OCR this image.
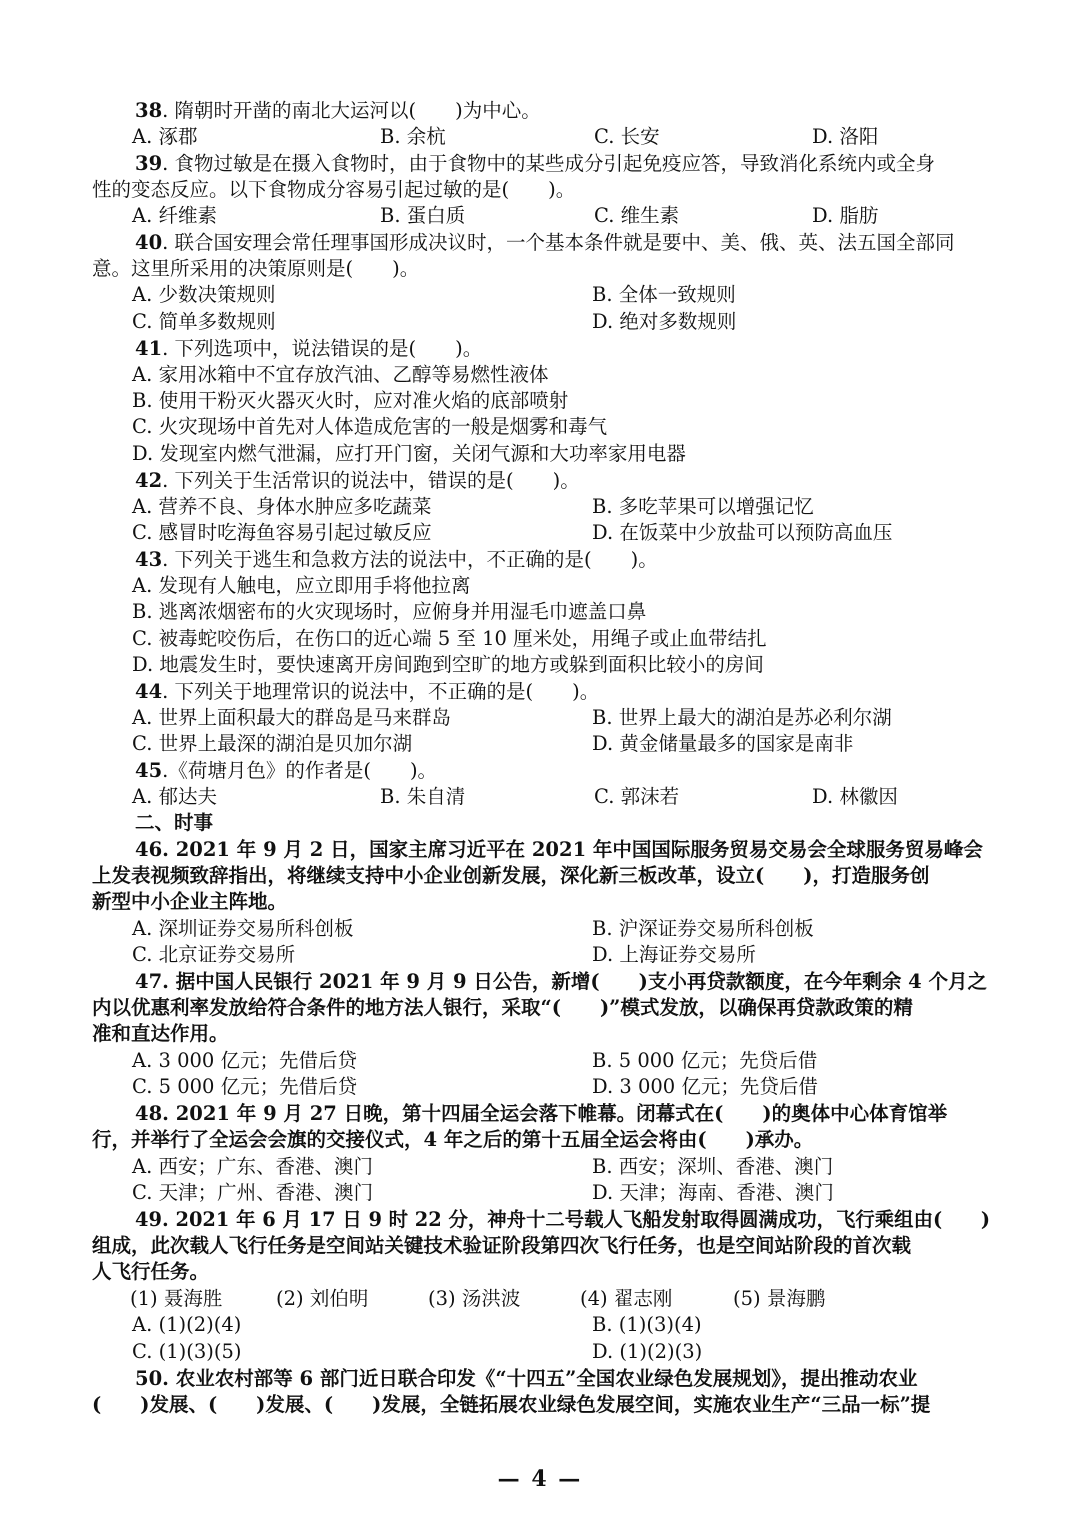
38. 隋朝时开凿的南北大运河以(　　)为中心。
A. 涿郡	B. 余杭	C. 长安	D. 洛阳
39. 食物过敏是在摄入食物时，由于食物中的某些成分引起免疫应答，导致消化系统内或全身
性的变态反应。以下食物成分容易引起过敏的是(　　)。
A. 纤维素	B. 蛋白质	C. 维生素	D. 脂肪
40. 联合国安理会常任理事国形成决议时，一个基本条件就是要中、美、俄、英、法五国全部同
意。这里所采用的决策原则是(　　)。
A. 少数决策规则	B. 全体一致规则
C. 简单多数规则	D. 绝对多数规则
41. 下列选项中，说法错误的是(　　)。
A. 家用冰箱中不宜存放汽油、乙醇等易燃性液体
B. 使用干粉灭火器灭火时，应对准火焰的底部喷射
C. 火灾现场中首先对人体造成危害的一般是烟雾和毒气
D. 发现室内燃气泄漏，应打开门窗，关闭气源和大功率家用电器
42. 下列关于生活常识的说法中，错误的是(　　)。
A. 营养不良、身体水肿应多吃蔬菜	B. 多吃苹果可以增强记忆
C. 感冒时吃海鱼容易引起过敏反应	D. 在饭菜中少放盐可以预防高血压
43. 下列关于逃生和急救方法的说法中，不正确的是(　　)。
A. 发现有人触电，应立即用手将他拉离
B. 逃离浓烟密布的火灾现场时，应俯身并用湿毛巾遮盖口鼻
C. 被毒蛇咬伤后，在伤口的近心端 5 至 10 厘米处，用绳子或止血带结扎
D. 地震发生时，要快速离开房间跑到空旷的地方或躲到面积比较小的房间
44. 下列关于地理常识的说法中，不正确的是(　　)。
A. 世界上面积最大的群岛是马来群岛	B. 世界上最大的湖泊是苏必利尔湖
C. 世界上最深的湖泊是贝加尔湖	D. 黄金储量最多的国家是南非
45.《荷塘月色》的作者是(　　)。
A. 郁达夫	B. 朱自清	C. 郭沫若	D. 林徽因
二、时事
46. 2021 年 9 月 2 日，国家主席习近平在 2021 年中国国际服务贸易交易会全球服务贸易峰会
上发表视频致辞指出，将继续支持中小企业创新发展，深化新三板改革，设立(　　)，打造服务创
新型中小企业主阵地。
A. 深圳证券交易所科创板	B. 沪深证券交易所科创板
C. 北京证券交易所	D. 上海证券交易所
47. 据中国人民银行 2021 年 9 月 9 日公告，新增(　　)支小再贷款额度，在今年剩余 4 个月之
内以优惠利率发放给符合条件的地方法人银行，采取“(　　)”模式发放，以确保再贷款政策的精
准和直达作用。
A. 3 000 亿元；先借后贷	B. 5 000 亿元；先贷后借
C. 5 000 亿元；先借后贷	D. 3 000 亿元；先贷后借
48. 2021 年 9 月 27 日晚，第十四届全运会落下帷幕。闭幕式在(　　)的奥体中心体育馆举
行，并举行了全运会会旗的交接仪式，4 年之后的第十五届全运会将由(　　)承办。
A. 西安；广东、香港、澳门	B. 西安；深圳、香港、澳门
C. 天津；广州、香港、澳门	D. 天津；海南、香港、澳门
49. 2021 年 6 月 17 日 9 时 22 分，神舟十二号载人飞船发射取得圆满成功，飞行乘组由(　　)
组成，此次载人飞行任务是空间站关键技术验证阶段第四次飞行任务，也是空间站阶段的首次载
人飞行任务。
(1) 聂海胜	(2) 刘伯明	(3) 汤洪波	(4) 翟志刚	(5) 景海鹏
A. (1)(2)(4)	B. (1)(3)(4)
C. (1)(3)(5)	D. (1)(2)(3)
50. 农业农村部等 6 部门近日联合印发《“十四五”全国农业绿色发展规划》，提出推动农业
(　　)发展、(　　)发展、(　　)发展，全链拓展农业绿色发展空间，实施农业生产“三品一标”提
— 4 —
